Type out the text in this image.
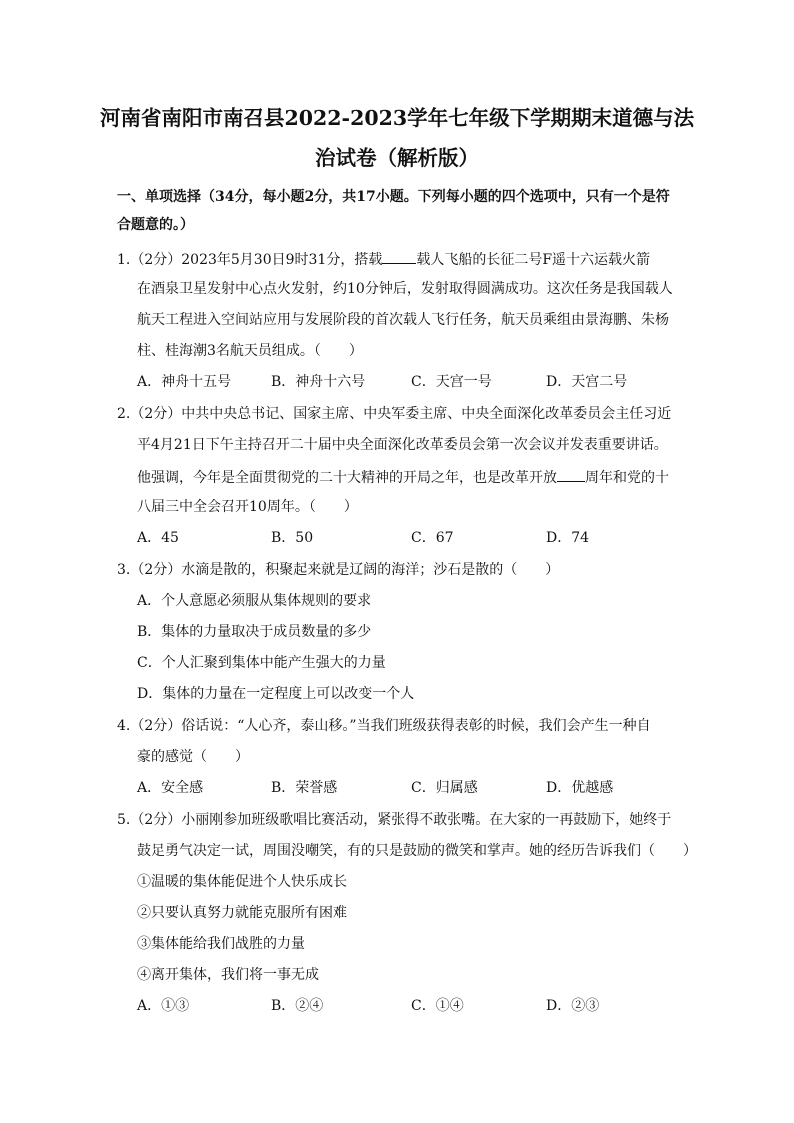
河南省南阳市南召县2022-2023学年七年级下学期期末道德与法
治试卷（解析版）
一、单项选择（34分，每小题2分，共17小题。下列每小题的四个选项中，只有一个是符
合题意的。）
1.（2分）2023年5月30日9时31分，搭载 载人飞船的长征二号F遥十六运载火箭
在酒泉卫星发射中心点火发射，约10分钟后，发射取得圆满成功。这次任务是我国载人
航天工程进入空间站应用与发展阶段的首次载人飞行任务，航天员乘组由景海鹏、朱杨
柱、桂海潮3名航天员组成。（　　）
A．神舟十五号	B．神舟十六号	C．天宫一号	D．天宫二号
2.（2分）中共中央总书记、国家主席、中央军委主席、中央全面深化改革委员会主任习近
平4月21日下午主持召开二十届中央全面深化改革委员会第一次会议并发表重要讲话。
他强调，今年是全面贯彻党的二十大精神的开局之年，也是改革开放 周年和党的十
八届三中全会召开10周年。（　　）
A．45	B．50	C．67	D．74
3.（2分）水滴是散的，积聚起来就是辽阔的海洋；沙石是散的（　　）
A．个人意愿必须服从集体规则的要求
B．集体的力量取决于成员数量的多少
C．个人汇聚到集体中能产生强大的力量
D．集体的力量在一定程度上可以改变一个人
4.（2分）俗话说：“人心齐，泰山移。”当我们班级获得表彰的时候，我们会产生一种自
豪的感觉（　　）
A．安全感	B．荣誉感	C．归属感	D．优越感
5.（2分）小丽刚参加班级歌唱比赛活动，紧张得不敢张嘴。在大家的一再鼓励下，她终于
鼓足勇气决定一试，周围没嘲笑，有的只是鼓励的微笑和掌声。她的经历告诉我们（　　）
①温暖的集体能促进个人快乐成长
②只要认真努力就能克服所有困难
③集体能给我们战胜的力量
④离开集体，我们将一事无成
A．①③	B．②④	C．①④	D．②③
